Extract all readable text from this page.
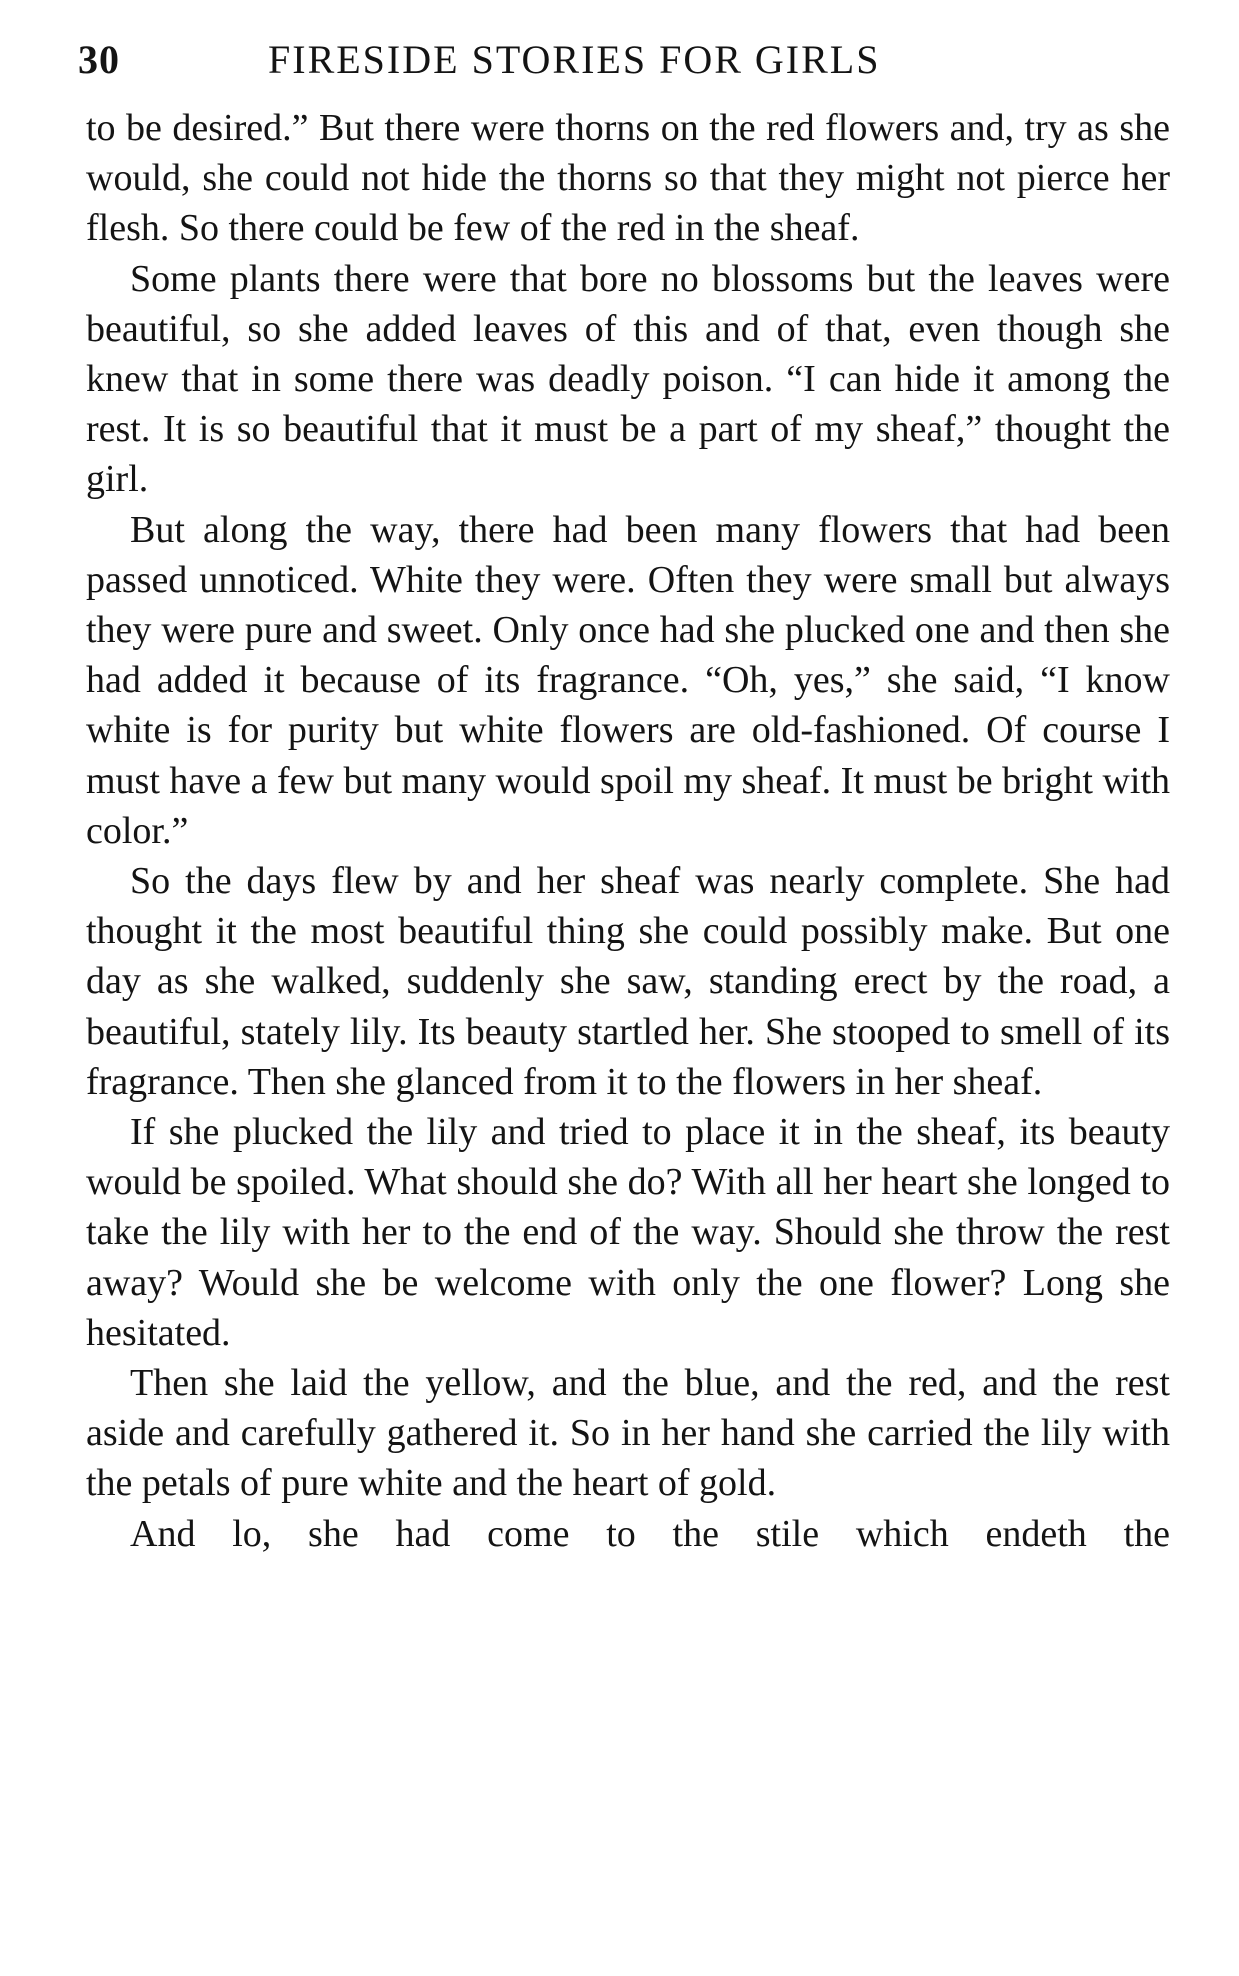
30	FIRESIDE STORIES FOR GIRLS

to be desired.” But there were thorns on the red flowers and, try as she would, she could not hide the thorns so that they might not pierce her flesh. So there could be few of the red in the sheaf.

Some plants there were that bore no blossoms but the leaves were beautiful, so she added leaves of this and of that, even though she knew that in some there was deadly poison. “I can hide it among the rest. It is so beautiful that it must be a part of my sheaf,” thought the girl.

But along the way, there had been many flowers that had been passed unnoticed. White they were. Often they were small but always they were pure and sweet. Only once had she plucked one and then she had added it because of its fragrance. “Oh, yes,” she said, “I know white is for purity but white flowers are old-fashioned. Of course I must have a few but many would spoil my sheaf. It must be bright with color.”

So the days flew by and her sheaf was nearly complete. She had thought it the most beautiful thing she could possibly make. But one day as she walked, suddenly she saw, standing erect by the road, a beautiful, stately lily. Its beauty startled her. She stooped to smell of its fragrance. Then she glanced from it to the flowers in her sheaf.

If she plucked the lily and tried to place it in the sheaf, its beauty would be spoiled. What should she do? With all her heart she longed to take the lily with her to the end of the way. Should she throw the rest away? Would she be welcome with only the one flower? Long she hesitated.

Then she laid the yellow, and the blue, and the red, and the rest aside and carefully gathered it. So in her hand she carried the lily with the petals of pure white and the heart of gold.

And lo, she had come to the stile which endeth the
